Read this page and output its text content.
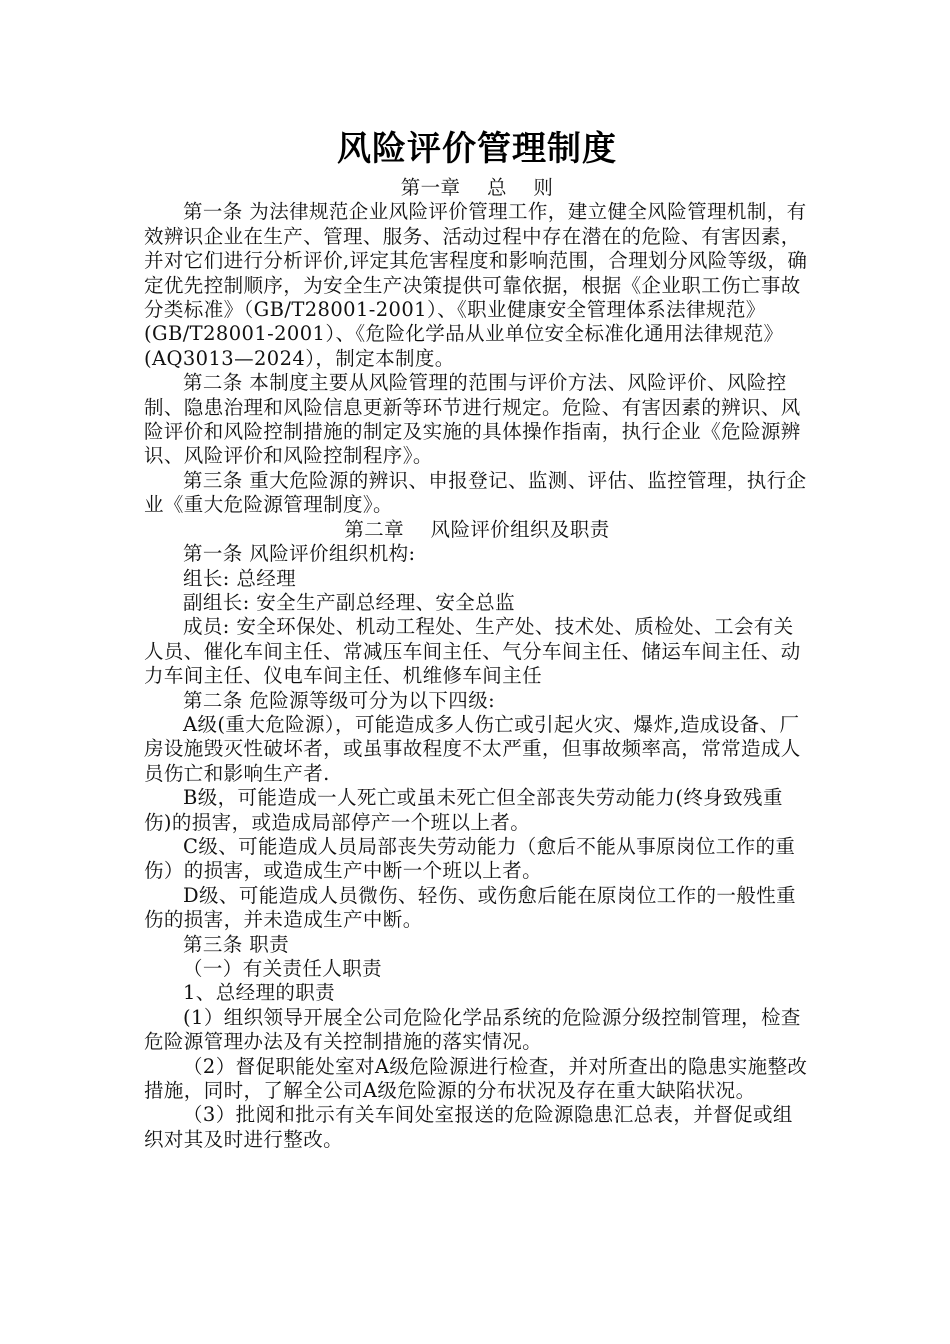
风险评价管理制度

第一章　 总　 则

第一条 为法律规范企业风险评价管理工作，建立健全风险管理机制，有效辨识企业在生产、管理、服务、活动过程中存在潜在的危险、有害因素，并对它们进行分析评价,评定其危害程度和影响范围，合理划分风险等级，确定优先控制顺序，为安全生产决策提供可靠依据，根据《企业职工伤亡事故分类标准》（GB/T28001-2001）、《职业健康安全管理体系法律规范》(GB/T28001-2001）、《危险化学品从业单位安全标准化通用法律规范》(AQ3013—2024），制定本制度。

第二条 本制度主要从风险管理的范围与评价方法、风险评价、风险控制、隐患治理和风险信息更新等环节进行规定。危险、有害因素的辨识、风险评价和风险控制措施的制定及实施的具体操作指南，执行企业《危险源辨识、风险评价和风险控制程序》。

第三条 重大危险源的辨识、申报登记、监测、评估、监控管理，执行企业《重大危险源管理制度》。

第二章　 风险评价组织及职责

第一条 风险评价组织机构:

组长: 总经理

副组长: 安全生产副总经理、安全总监

成员: 安全环保处、机动工程处、生产处、技术处、质检处、工会有关人员、催化车间主任、常减压车间主任、气分车间主任、储运车间主任、动力车间主任、仪电车间主任、机维修车间主任

第二条 危险源等级可分为以下四级:

A级(重大危险源），可能造成多人伤亡或引起火灾、爆炸,造成设备、厂房设施毁灭性破坏者，或虽事故程度不太严重，但事故频率高，常常造成人员伤亡和影响生产者.

B级，可能造成一人死亡或虽未死亡但全部丧失劳动能力(终身致残重伤)的损害，或造成局部停产一个班以上者。

C级、可能造成人员局部丧失劳动能力（愈后不能从事原岗位工作的重伤）的损害，或造成生产中断一个班以上者。

D级、可能造成人员微伤、轻伤、或伤愈后能在原岗位工作的一般性重伤的损害，并未造成生产中断。

第三条 职责

（一）有关责任人职责

1、总经理的职责

(1）组织领导开展全公司危险化学品系统的危险源分级控制管理，检查危险源管理办法及有关控制措施的落实情况。

（2）督促职能处室对A级危险源进行检查，并对所查出的隐患实施整改措施，同时，了解全公司A级危险源的分布状况及存在重大缺陷状况。

（3）批阅和批示有关车间处室报送的危险源隐患汇总表，并督促或组织对其及时进行整改。
